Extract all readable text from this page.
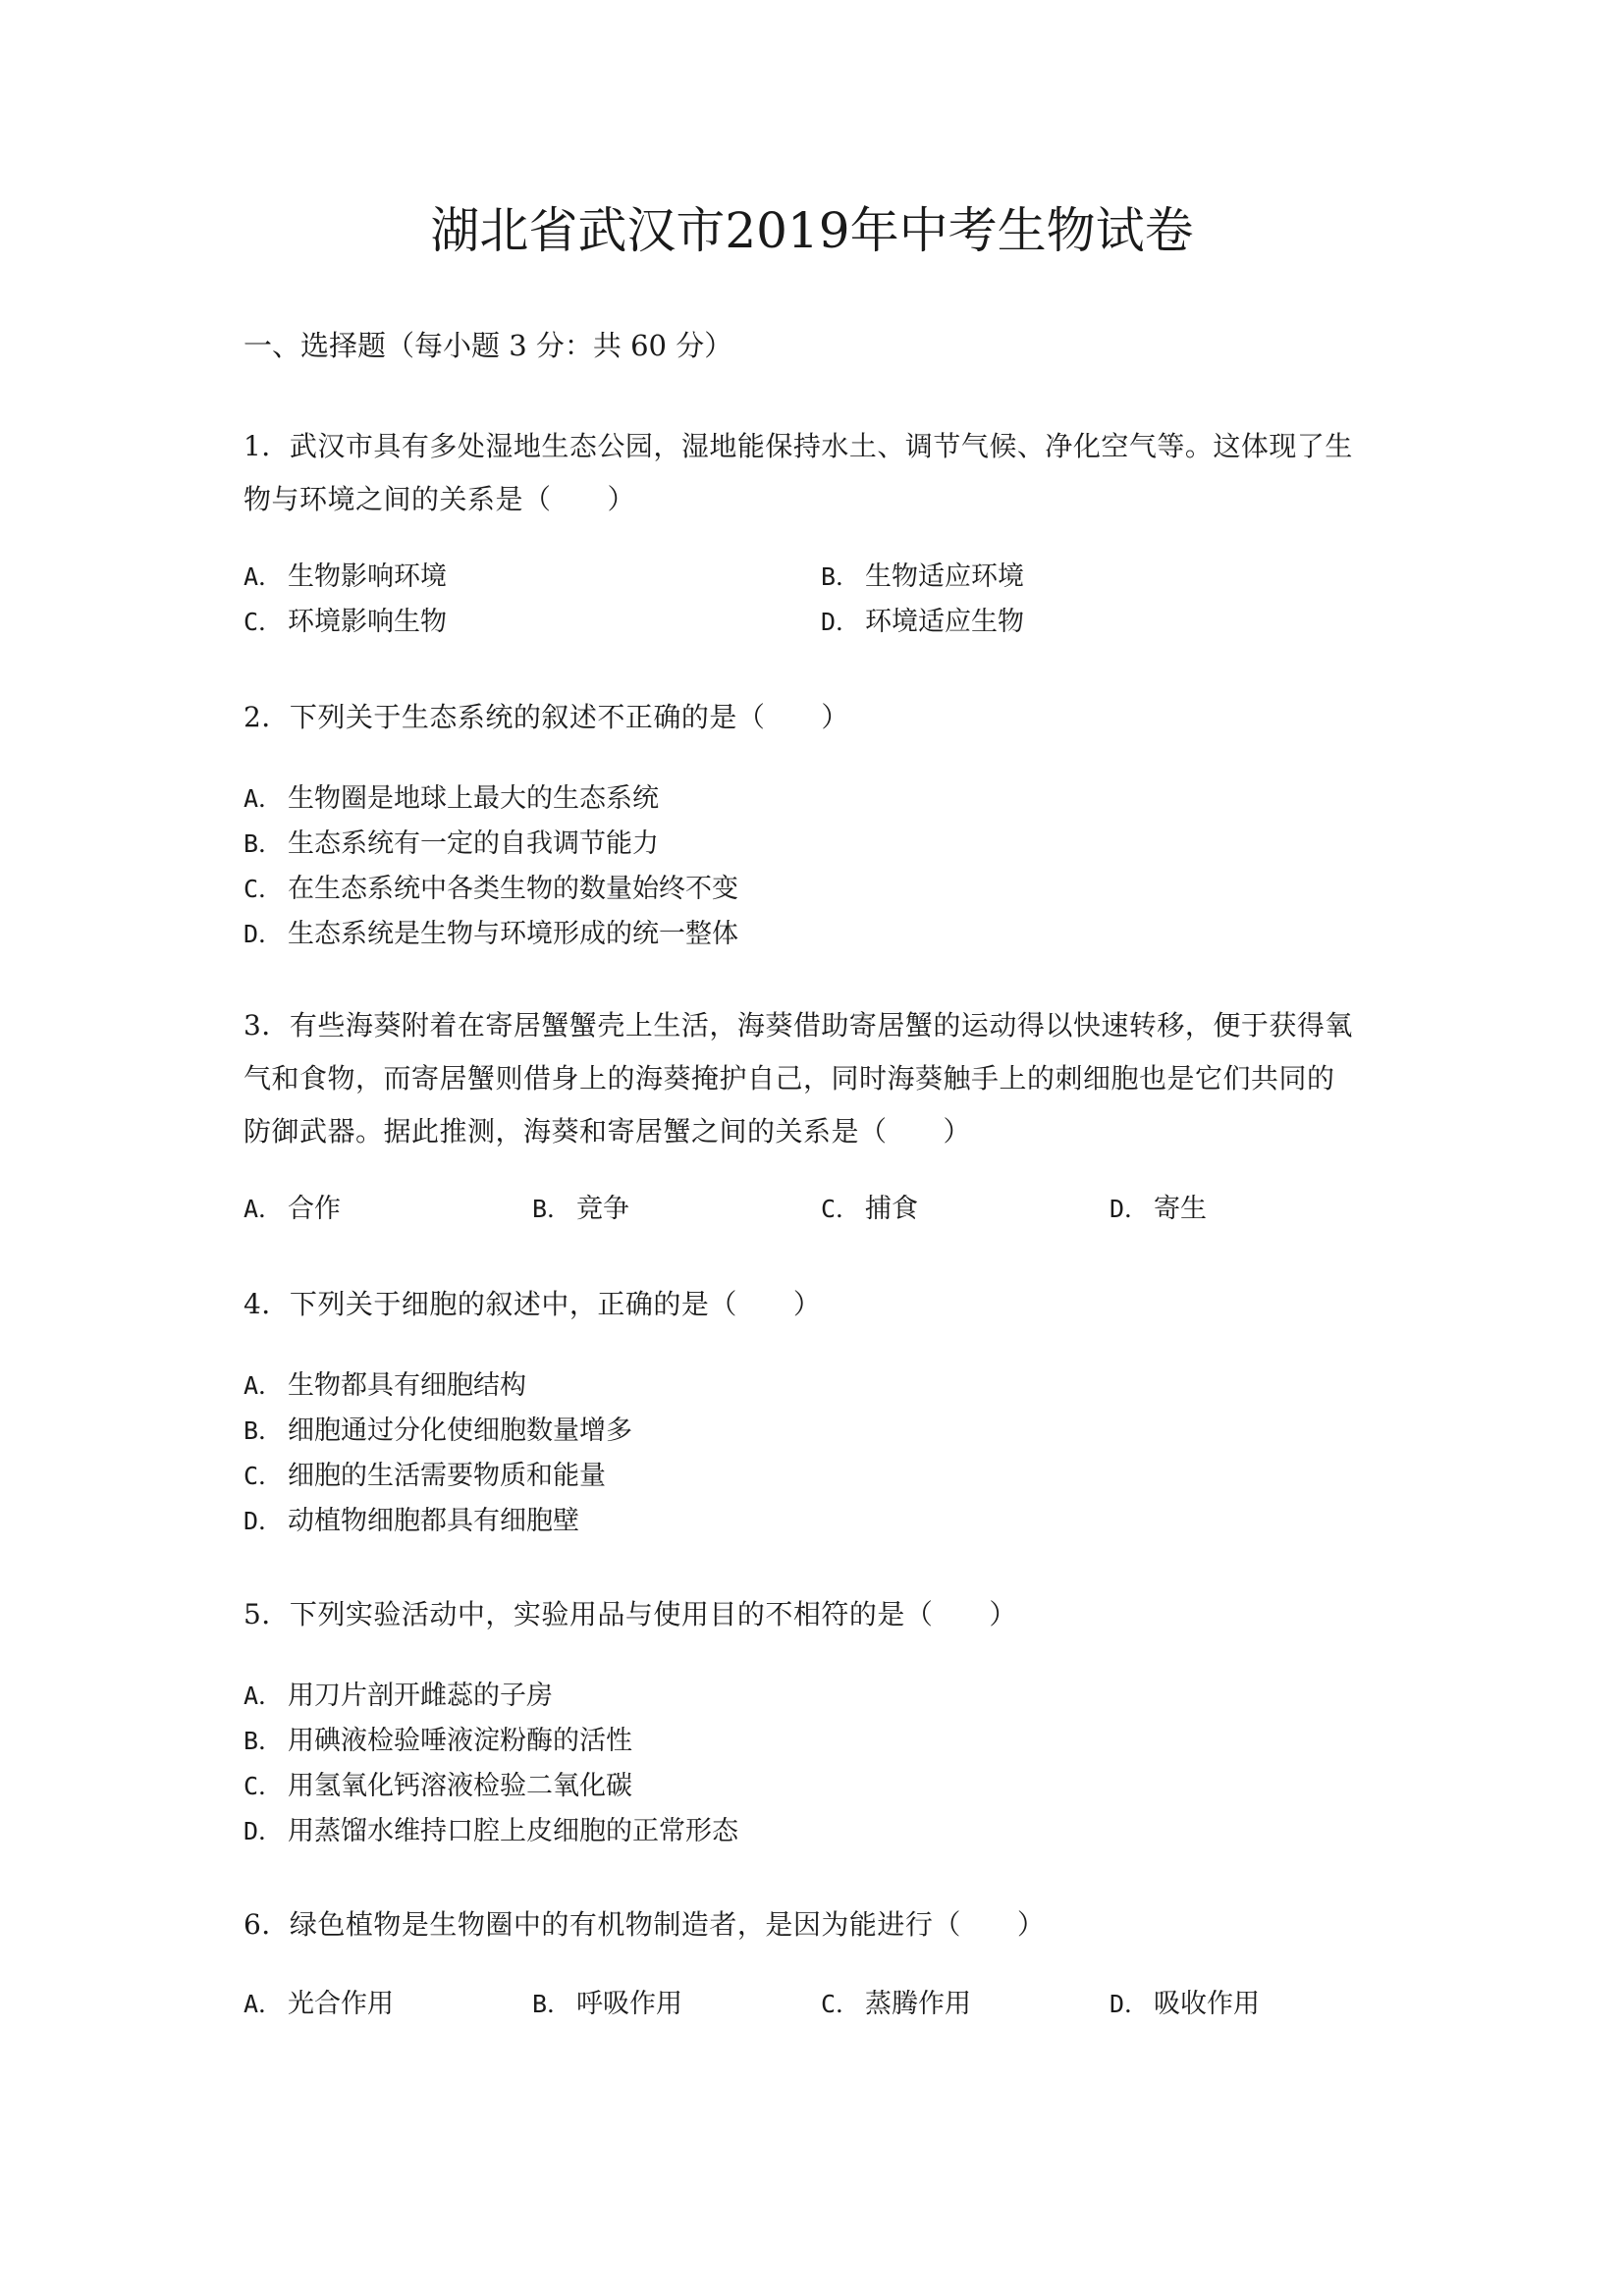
湖北省武汉市2019年中考生物试卷
一、选择题（每小题 3 分：共 60 分）
1．武汉市具有多处湿地生态公园，湿地能保持水土、调节气候、净化空气等。这体现了生
物与环境之间的关系是（　　）
A． 生物影响环境	B． 生物适应环境
C． 环境影响生物	D． 环境适应生物
2．下列关于生态系统的叙述不正确的是（　　）
A． 生物圈是地球上最大的生态系统
B． 生态系统有一定的自我调节能力
C． 在生态系统中各类生物的数量始终不变
D． 生态系统是生物与环境形成的统一整体
3．有些海葵附着在寄居蟹蟹壳上生活，海葵借助寄居蟹的运动得以快速转移，便于获得氧
气和食物，而寄居蟹则借身上的海葵掩护自己，同时海葵触手上的刺细胞也是它们共同的
防御武器。据此推测，海葵和寄居蟹之间的关系是（　　）
A． 合作	B． 竞争	C． 捕食	D． 寄生
4．下列关于细胞的叙述中，正确的是（　　）
A． 生物都具有细胞结构
B． 细胞通过分化使细胞数量增多
C． 细胞的生活需要物质和能量
D． 动植物细胞都具有细胞壁
5．下列实验活动中，实验用品与使用目的不相符的是（　　）
A． 用刀片剖开雌蕊的子房
B． 用碘液检验唾液淀粉酶的活性
C． 用氢氧化钙溶液检验二氧化碳
D． 用蒸馏水维持口腔上皮细胞的正常形态
6．绿色植物是生物圈中的有机物制造者，是因为能进行（　　）
A． 光合作用	B． 呼吸作用	C． 蒸腾作用	D． 吸收作用
